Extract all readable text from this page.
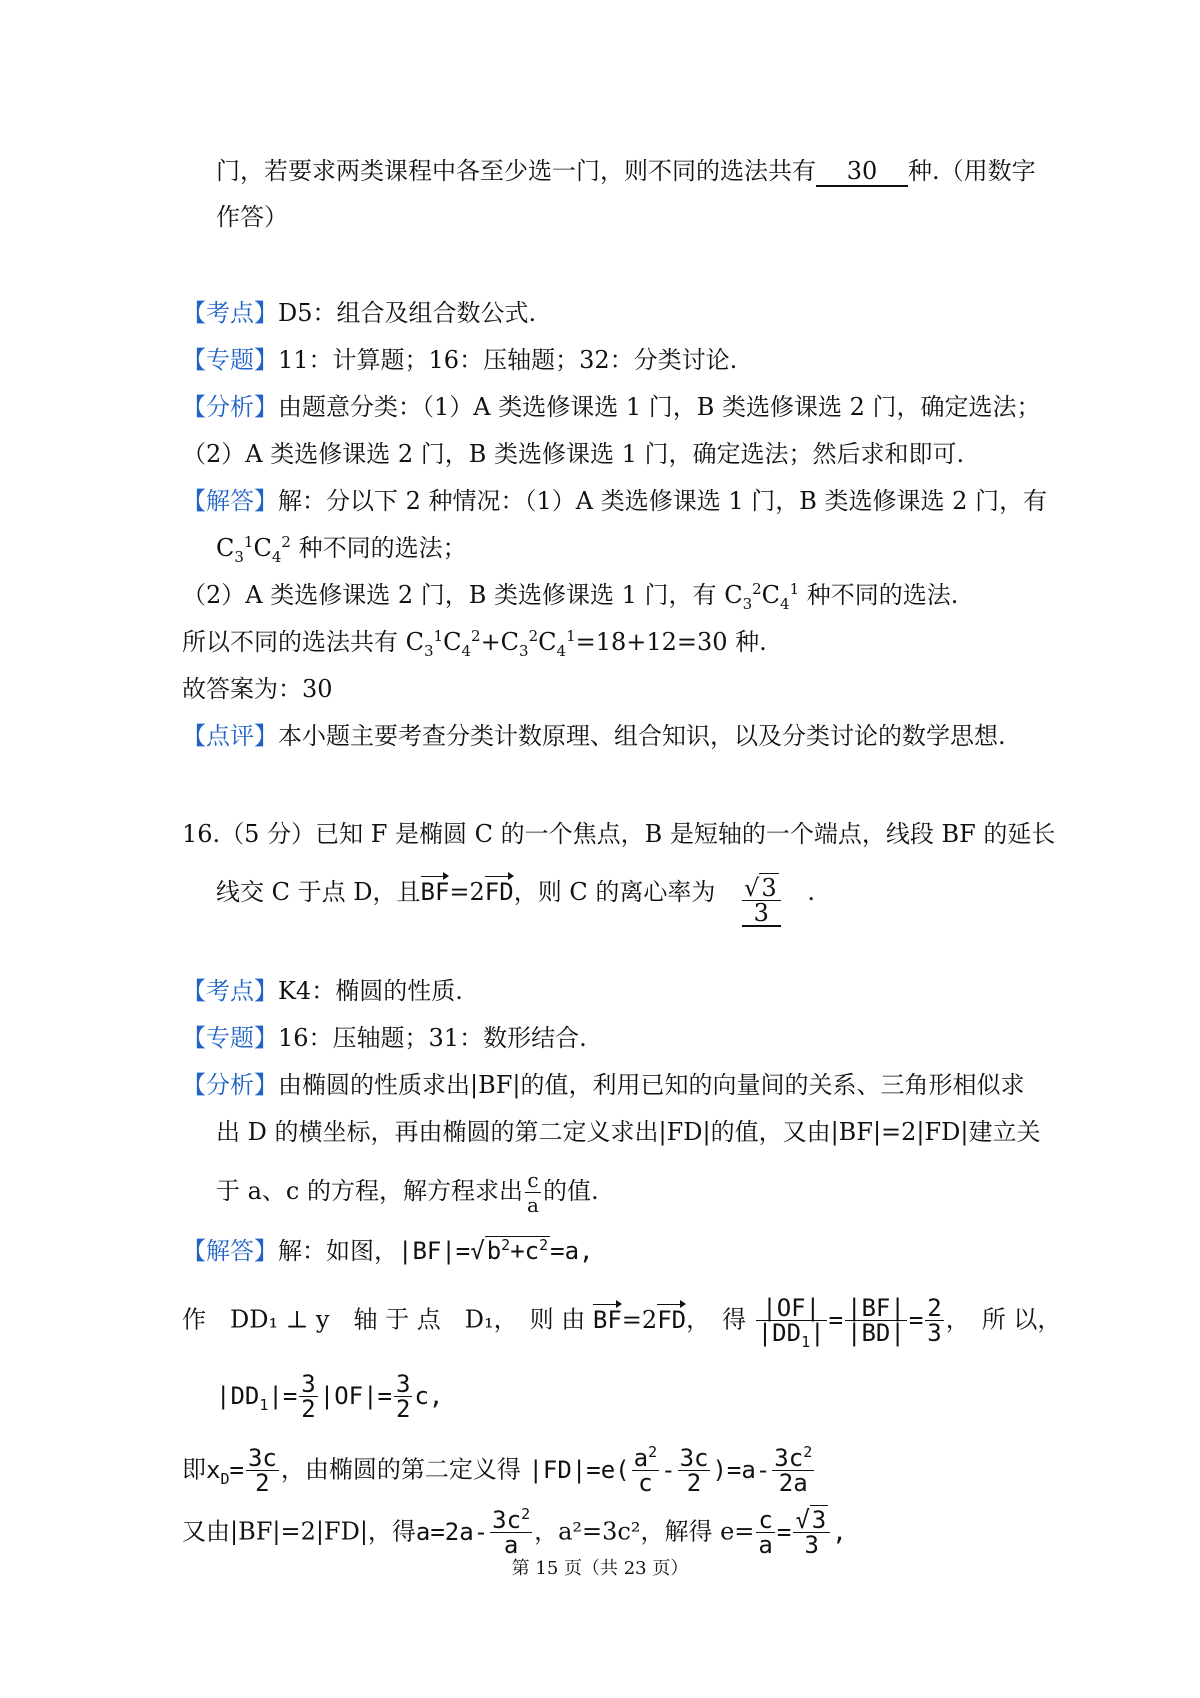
门，若要求两类课程中各至少选一门，则不同的选法共有 30 种.（用数字
作答）
【考点】D5：组合及组合数公式.
【专题】11：计算题；16：压轴题；32：分类讨论.
【分析】由题意分类：（1）A 类选修课选 1 门，B 类选修课选 2 门，确定选法；
（2）A 类选修课选 2 门，B 类选修课选 1 门，确定选法；然后求和即可.
【解答】解：分以下 2 种情况：（1）A 类选修课选 1 门，B 类选修课选 2 门，有
$C_3^1C_4^2$ 种不同的选法；
（2）A 类选修课选 2 门，B 类选修课选 1 门，有 $C_3^2C_4^1$ 种不同的选法.
所以不同的选法共有 $C_3^1C_4^2+C_3^2C_4^1=18+12=30$ 种.
故答案为：30
【点评】本小题主要考查分类计数原理、组合知识，以及分类讨论的数学思想.
16.（5 分）已知 F 是椭圆 C 的一个焦点，B 是短轴的一个端点，线段 BF 的延长
线交 C 于点 D，且BF=2FD，则 C 的离心率为 $\frac{√3}{3}$ .
【考点】K4：椭圆的性质.
【专题】16：压轴题；31：数形结合.
【分析】由椭圆的性质求出|BF|的值，利用已知的向量间的关系、三角形相似求
出 D 的横坐标，再由椭圆的第二定义求出|FD|的值，又由|BF|=2|FD|建立关
于 a、c 的方程，解方程求出 $\frac{c}{a}$ 的值.
【解答】解：如图，$|BF|=√b^2+c^2=a$,
作　DD₁ ⊥ y　轴 于 点　D₁，　则 由 BF=2FD，　得 $\frac{|OF|}{|DD_1|} = \frac{|BF|}{|BD|} = \frac{2}{3}$ ，　所 以，
$|DD_1|= \frac{3}{2} |OF|= \frac{3}{2} c$,
即$x_D= \frac{3c}{2}$ ，由椭圆的第二定义得 $|FD|=e( \frac{a^2}{c} - \frac{3c}{2} )=a- \frac{3c^2}{2a}$
又由|BF|=2|FD|，得$a=2a- \frac{3c^2}{a}$ ，a²=3c²，解得 $e= \frac{c}{a} = \frac{√3}{3}$ ,
第 15 页（共 23 页）
